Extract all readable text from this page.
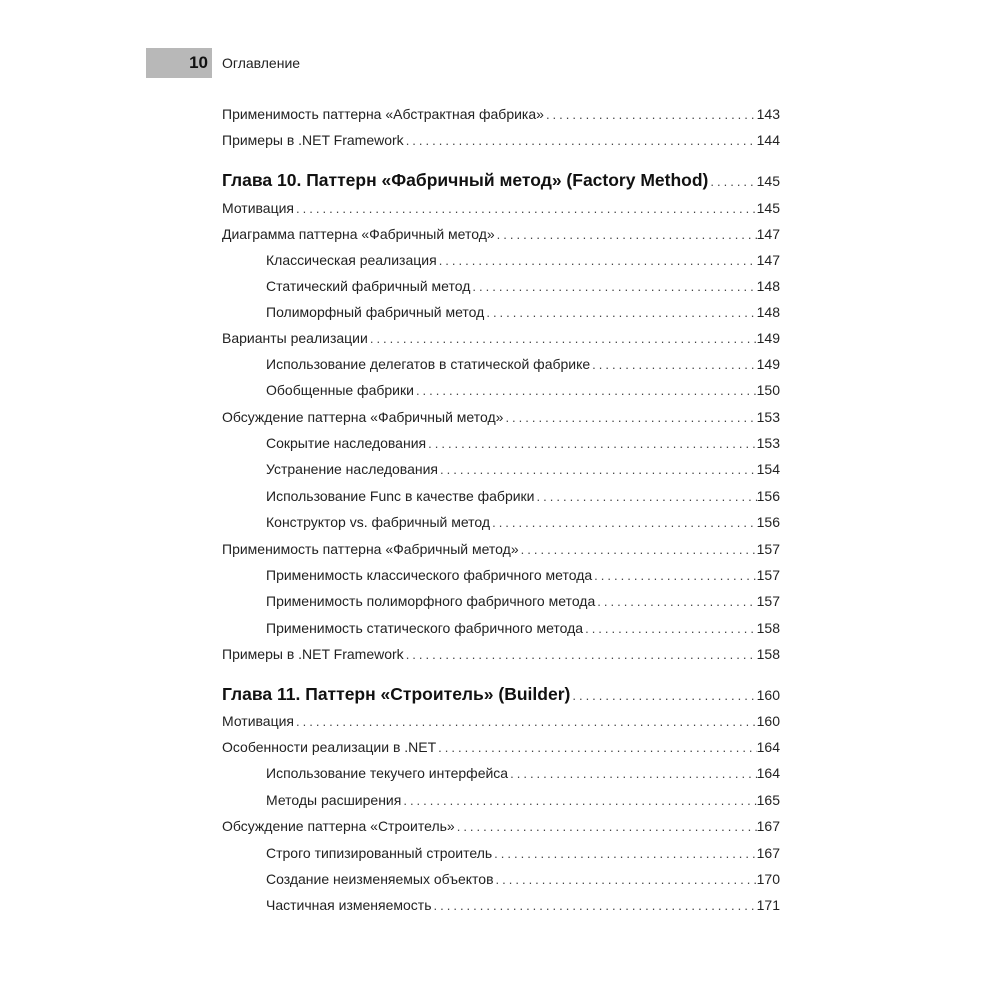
10 Оглавление
Применимость паттерна «Абстрактная фабрика» .....	143
Примеры в .NET Framework .....	144
Глава 10. Паттерн «Фабричный метод» (Factory Method) .....	145
Мотивация .....	145
Диаграмма паттерна «Фабричный метод» .....	147
Классическая реализация .....	147
Статический фабричный метод .....	148
Полиморфный фабричный метод .....	148
Варианты реализации .....	149
Использование делегатов в статической фабрике .....	149
Обобщенные фабрики .....	150
Обсуждение паттерна «Фабричный метод» .....	153
Сокрытие наследования .....	153
Устранение наследования .....	154
Использование Func в качестве фабрики .....	156
Конструктор vs. фабричный метод .....	156
Применимость паттерна «Фабричный метод» .....	157
Применимость классического фабричного метода .....	157
Применимость полиморфного фабричного метода .....	157
Применимость статического фабричного метода .....	158
Примеры в .NET Framework .....	158
Глава 11. Паттерн «Строитель» (Builder) .....	160
Мотивация .....	160
Особенности реализации в .NET .....	164
Использование текучего интерфейса .....	164
Методы расширения .....	165
Обсуждение паттерна «Строитель» .....	167
Строго типизированный строитель .....	167
Создание неизменяемых объектов .....	170
Частичная изменяемость .....	171
